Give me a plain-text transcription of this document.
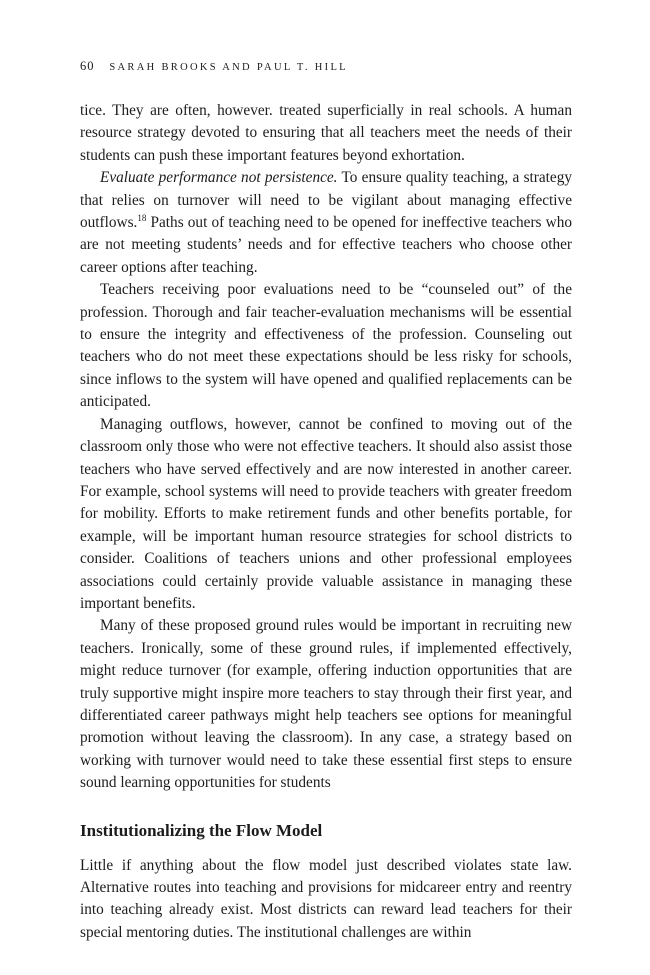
60 SARAH BROOKS AND PAUL T. HILL

tice. They are often, however. treated superficially in real schools. A human resource strategy devoted to ensuring that all teachers meet the needs of their students can push these important features beyond exhortation.

Evaluate performance not persistence. To ensure quality teaching, a strategy that relies on turnover will need to be vigilant about managing effective outflows.$^{18}$ Paths out of teaching need to be opened for ineffective teachers who are not meeting students’ needs and for effective teachers who choose other career options after teaching.

Teachers receiving poor evaluations need to be “counseled out” of the profession. Thorough and fair teacher-evaluation mechanisms will be essential to ensure the integrity and effectiveness of the profession. Counseling out teachers who do not meet these expectations should be less risky for schools, since inflows to the system will have opened and qualified replacements can be anticipated.

Managing outflows, however, cannot be confined to moving out of the classroom only those who were not effective teachers. It should also assist those teachers who have served effectively and are now interested in another career. For example, school systems will need to provide teachers with greater freedom for mobility. Efforts to make retirement funds and other benefits portable, for example, will be important human resource strategies for school districts to consider. Coalitions of teachers unions and other professional employees associations could certainly provide valuable assistance in managing these important benefits.

Many of these proposed ground rules would be important in recruiting new teachers. Ironically, some of these ground rules, if implemented effectively, might reduce turnover (for example, offering induction opportunities that are truly supportive might inspire more teachers to stay through their first year, and differentiated career pathways might help teachers see options for meaningful promotion without leaving the classroom). In any case, a strategy based on working with turnover would need to take these essential first steps to ensure sound learning opportunities for students

Institutionalizing the Flow Model

Little if anything about the flow model just described violates state law. Alternative routes into teaching and provisions for midcareer entry and reentry into teaching already exist. Most districts can reward lead teachers for their special mentoring duties. The institutional challenges are within
